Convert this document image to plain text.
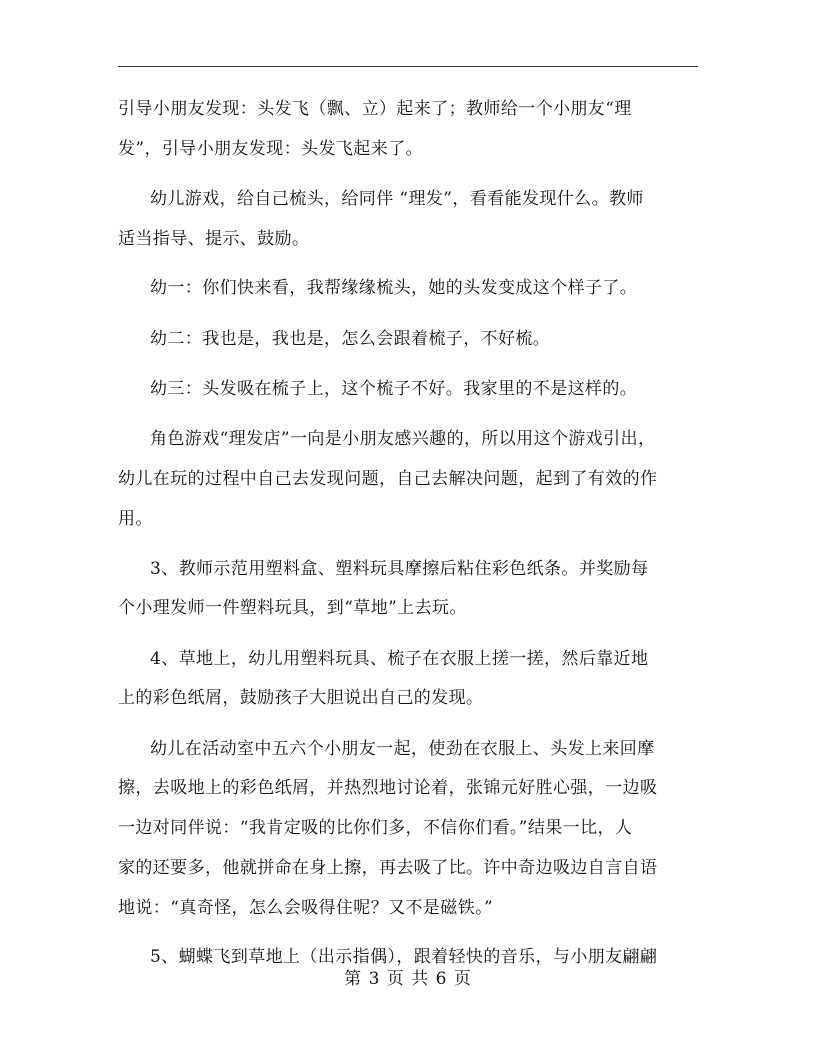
引导小朋友发现：头发飞（飘、立）起来了；教师给一个小朋友“理
发”，引导小朋友发现：头发飞起来了。
幼儿游戏，给自己梳头，给同伴 “理发”，看看能发现什么。教师
适当指导、提示、鼓励。
幼一：你们快来看，我帮缘缘梳头，她的头发变成这个样子了。
幼二：我也是，我也是，怎么会跟着梳子，不好梳。
幼三：头发吸在梳子上，这个梳子不好。我家里的不是这样的。
角色游戏“理发店”一向是小朋友感兴趣的，所以用这个游戏引出，
幼儿在玩的过程中自己去发现问题，自己去解决问题，起到了有效的作
用。
3、教师示范用塑料盒、塑料玩具摩擦后粘住彩色纸条。并奖励每
个小理发师一件塑料玩具，到“草地”上去玩。
4、草地上，幼儿用塑料玩具、梳子在衣服上搓一搓，然后靠近地
上的彩色纸屑，鼓励孩子大胆说出自己的发现。
幼儿在活动室中五六个小朋友一起，使劲在衣服上、头发上来回摩
擦，去吸地上的彩色纸屑，并热烈地讨论着，张锦元好胜心强，一边吸
一边对同伴说：“我肯定吸的比你们多，不信你们看。”结果一比，人
家的还要多，他就拼命在身上擦，再去吸了比。许中奇边吸边自言自语
地说：“真奇怪，怎么会吸得住呢？又不是磁铁。”
5、蝴蝶飞到草地上（出示指偶），跟着轻快的音乐，与小朋友翩翩
第 3 页 共 6 页
